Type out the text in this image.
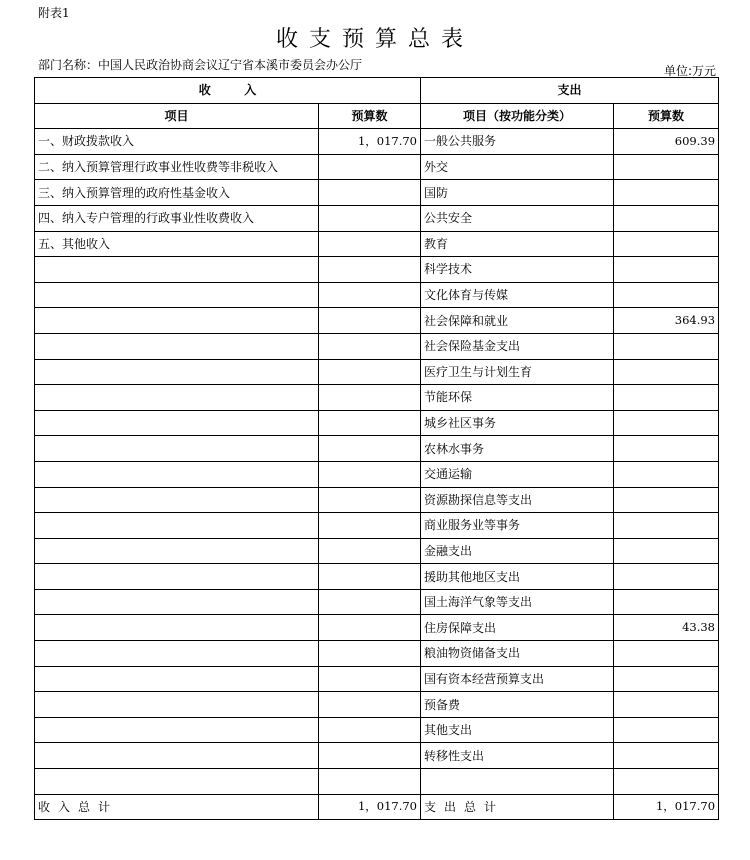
附表1
收支预算总表
部门名称：中国人民政治协商会议辽宁省本溪市委员会办公厅	单位:万元
收        入		支出	
项目	预算数	项目（按功能分类）	预算数
一、财政拨款收入	1，017.70	一般公共服务	609.39
二、纳入预算管理行政事业性收费等非税收入		外交	
三、纳入预算管理的政府性基金收入		国防	
四、纳入专户管理的行政事业性收费收入		公共安全	
五、其他收入		教育	
		科学技术	
		文化体育与传媒	
		社会保障和就业	364.93
		社会保险基金支出	
		医疗卫生与计划生育	
		节能环保	
		城乡社区事务	
		农林水事务	
		交通运输	
		资源勘探信息等支出	
		商业服务业等事务	
		金融支出	
		援助其他地区支出	
		国土海洋气象等支出	
		住房保障支出	43.38
		粮油物资储备支出	
		国有资本经营预算支出	
		预备费	
		其他支出	
		转移性支出	

收入总计	1，017.70	支出总计	1，017.70
